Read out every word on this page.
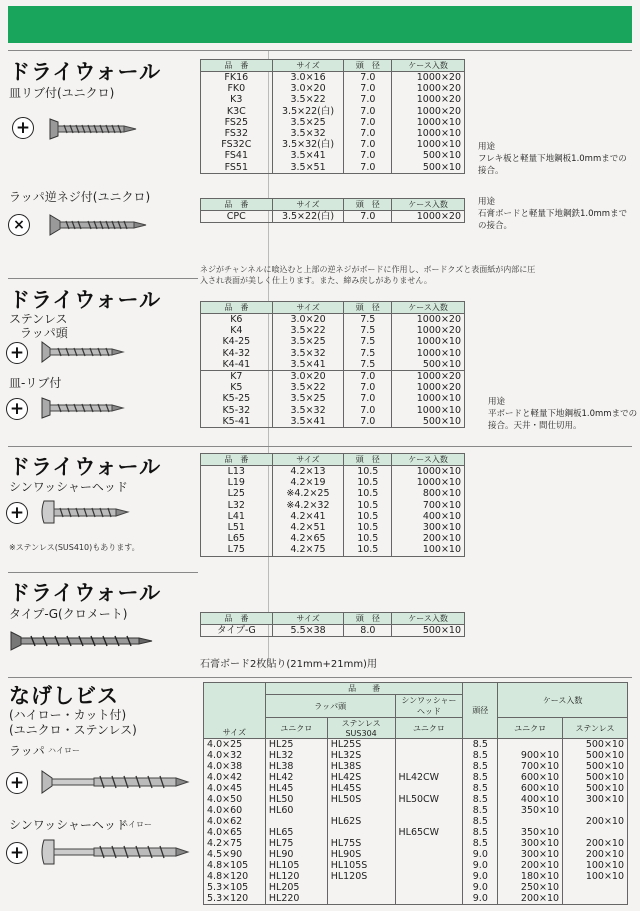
ドライウォール
皿リブ付(ユニクロ)
+
ラッパ逆ネジ付(ユニクロ)
×
品　番	サイズ	頭　径	ケース入数
FK16	3.0×16	7.0	1000×20
FK0	3.0×20	7.0	1000×20
K3	3.5×22	7.0	1000×20
K3C	3.5×22(白)	7.0	1000×20
FS25	3.5×25	7.0	1000×10
FS32	3.5×32	7.0	1000×10
FS32C	3.5×32(白)	7.0	1000×10
FS41	3.5×41	7.0	500×10
FS51	3.5×51	7.0	500×10
用途
フレキ板と軽量下地鋼板1.0mmまでの
接合。
品　番	サイズ	頭　径	ケース入数
CPC	3.5×22(白)	7.0	1000×20
用途
石膏ボードと軽量下地鋼鉄1.0mmまで
の接合。
ネジがチャンネルに喰込むと上部の逆ネジがボードに作用し、ボードクズと表面紙が内部に圧
入され表面が美しく仕上ります。また、締み戻しがありません。
ドライウォール
ステンレス
ラッパ頭
+
皿-リブ付
+
品　番	サイズ	頭　径	ケース入数
K6	3.0×20	7.5	1000×20
K4	3.5×22	7.5	1000×20
K4-25	3.5×25	7.5	1000×10
K4-32	3.5×32	7.5	1000×10
K4-41	3.5×41	7.5	500×10
K7	3.0×20	7.0	1000×20
K5	3.5×22	7.0	1000×20
K5-25	3.5×25	7.0	1000×10
K5-32	3.5×32	7.0	1000×10
K5-41	3.5×41	7.0	500×10
用途
平ボードと軽量下地鋼板1.0mmまでの
接合。天井・間仕切用。
ドライウォール
シンワッシャーヘッド
+
※ステンレス(SUS410)もあります。
品　番	サイズ	頭　径	ケース入数
L13	4.2×13	10.5	1000×10
L19	4.2×19	10.5	1000×10
L25	※4.2×25	10.5	800×10
L32	※4.2×32	10.5	700×10
L41	4.2×41	10.5	400×10
L51	4.2×51	10.5	300×10
L65	4.2×65	10.5	200×10
L75	4.2×75	10.5	100×10
ドライウォール
タイプ-G(クロメート)	品　番	サイズ	頭　径	ケース入数
タイプ-G	5.5×38	8.0	500×10
石膏ボード2枚貼り(21mm+21mm)用
なげしビス
(ハイロー・カット付)
(ユニクロ・ステンレス)
ラッパ ハイロー
+
シンワッシャーヘッド
ハイロー
+
サイズ	品　　番			頭径	ケース入数	
	ラッパ頭		シンワッシャーヘッド			
	ユニクロ	ステンレスSUS304	ユニクロ		ユニクロ	ステンレス
4.0×25	HL25	HL25S		8.5		500×10
4.0×32	HL32	HL32S		8.5	900×10	500×10
4.0×38	HL38	HL38S		8.5	700×10	500×10
4.0×42	HL42	HL42S	HL42CW	8.5	600×10	500×10
4.0×45	HL45	HL45S		8.5	600×10	500×10
4.0×50	HL50	HL50S	HL50CW	8.5	400×10	300×10
4.0×60	HL60			8.5	350×10	
4.0×62		HL62S		8.5		200×10
4.0×65	HL65		HL65CW	8.5	350×10	
4.2×75	HL75	HL75S		8.5	300×10	200×10
4.5×90	HL90	HL90S		9.0	300×10	200×10
4.8×105	HL105	HL105S		9.0	200×10	100×10
4.8×120	HL120	HL120S		9.0	180×10	100×10
5.3×105	HL205			9.0	250×10	
5.3×120	HL220			9.0	200×10	
